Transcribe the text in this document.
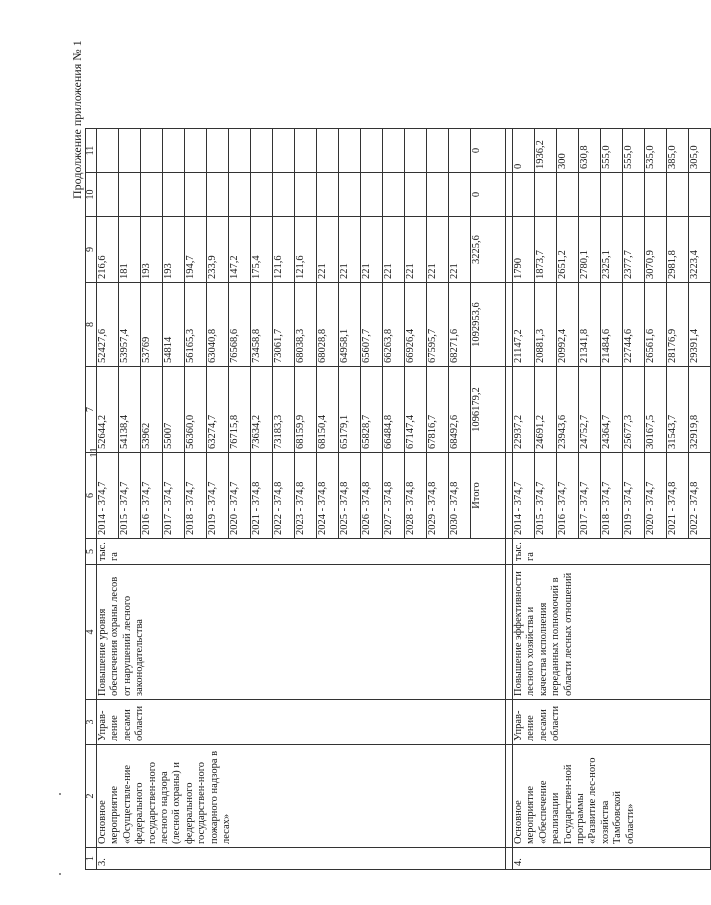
Продолжение приложения № 1
11
1	2	3	4	5	6	7	8	9	10	11
3.	Основное мероприятие «Осуществле-ние федерального государствен-ного лесного надзора (лесной охраны) и федерального государствен-ного пожарного надзора в лесах»	Управ-ление лесами области	Повышение уровня обеспечения охраны лесов от нарушений лесного законодательства	тыс. га	2014 - 374,7	52644,2	52427,6	216,6		
					2015 - 374,7	54138,4	53957,4	181		
					2016 - 374,7	53962	53769	193		
					2017 - 374,7	55007	54814	193		
					2018 - 374,7	56360,0	56165,3	194,7		
					2019 - 374,7	63274,7	63040,8	233,9		
					2020 - 374,7	76715,8	76568,6	147,2		
					2021 - 374,8	73634,2	73458,8	175,4		
					2022 - 374,8	73183,3	73061,7	121,6		
					2023 - 374,8	68159,9	68038,3	121,6		
					2024 - 374,8	68150,4	68028,8	221		
					2025 - 374,8	65179,1	64958,1	221		
					2026 - 374,8	65828,7	65607,7	221		
					2027 - 374,8	66484,8	66263,8	221		
					2028 - 374,8	67147,4	66926,4	221		
					2029 - 374,8	67816,7	67595,7	221		
					2030 - 374,8	68492,6	68271,6	221		
					Итого	1096179,2	1092953,6	3225,6	0	0

4.	Основное мероприятие «Обеспечение реализации Государствен-ной программы «Развитие лес-ного хозяйства Тамбовской области»	Управ-ление лесами области	Повышение эффективности лесного хозяйства и качества исполнения переданных полномочий в области лесных отношений	тыс. га	2014 - 374,7	22937,2	21147,2	1790		0
					2015 - 374,7	24691,2	20881,3	1873,7		1936,2
					2016 - 374,7	23943,6	20992,4	2651,2		300
					2017 - 374,7	24752,7	21341,8	2780,1		630,8
					2018 - 374,7	24364,7	21484,6	2325,1		555,0
					2019 - 374,7	25677,3	22744,6	2377,7		555,0
					2020 - 374,7	30167,5	26561,6	3070,9		535,0
					2021 - 374,8	31543,7	28176,9	2981,8		385,0
					2022 - 374,8	32919,8	29391,4	3223,4		305,0
